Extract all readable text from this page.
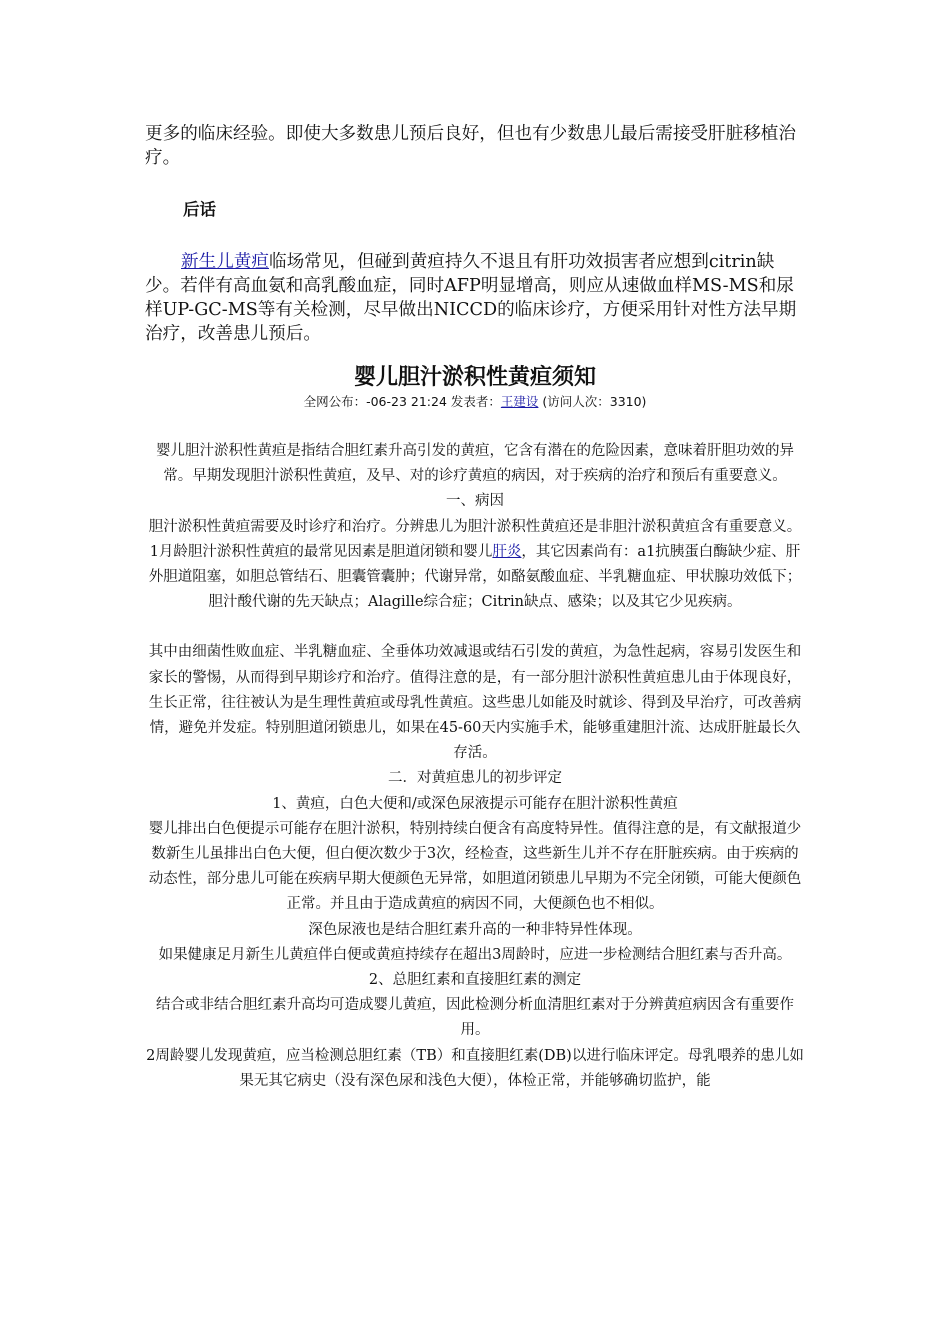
更多的临床经验。即使大多数患儿预后良好，但也有少数患儿最后需接受肝脏移植治疗。

后话

新生儿黄疸临场常见，但碰到黄疸持久不退且有肝功效损害者应想到citrin缺少。若伴有高血氨和高乳酸血症，同时AFP明显增高，则应从速做血样MS-MS和尿样UP-GC-MS等有关检测，尽早做出NICCD的临床诊疗，方便采用针对性方法早期治疗，改善患儿预后。

婴儿胆汁淤积性黄疸须知

全网公布：-06-23 21:24 发表者：王建设 (访问人次：3310)

婴儿胆汁淤积性黄疸是指结合胆红素升高引发的黄疸，它含有潜在的危险因素，意味着肝胆功效的异常。早期发现胆汁淤积性黄疸，及早、对的诊疗黄疸的病因，对于疾病的治疗和预后有重要意义。

一、病因

胆汁淤积性黄疸需要及时诊疗和治疗。分辨患儿为胆汁淤积性黄疸还是非胆汁淤积黄疸含有重要意义。

1月龄胆汁淤积性黄疸的最常见因素是胆道闭锁和婴儿肝炎，其它因素尚有：a1抗胰蛋白酶缺少症、肝外胆道阻塞，如胆总管结石、胆囊管囊肿；代谢异常，如酪氨酸血症、半乳糖血症、甲状腺功效低下；胆汁酸代谢的先天缺点；Alagille综合症；Citrin缺点、感染；以及其它少见疾病。

其中由细菌性败血症、半乳糖血症、全垂体功效减退或结石引发的黄疸，为急性起病，容易引发医生和家长的警惕，从而得到早期诊疗和治疗。值得注意的是，有一部分胆汁淤积性黄疸患儿由于体现良好，生长正常，往往被认为是生理性黄疸或母乳性黄疸。这些患儿如能及时就诊、得到及早治疗，可改善病情，避免并发症。特别胆道闭锁患儿，如果在45-60天内实施手术，能够重建胆汁流、达成肝脏最长久存活。

二．对黄疸患儿的初步评定

1、黄疸，白色大便和/或深色尿液提示可能存在胆汁淤积性黄疸

婴儿排出白色便提示可能存在胆汁淤积，特别持续白便含有高度特异性。值得注意的是，有文献报道少数新生儿虽排出白色大便，但白便次数少于3次，经检查，这些新生儿并不存在肝脏疾病。由于疾病的动态性，部分患儿可能在疾病早期大便颜色无异常，如胆道闭锁患儿早期为不完全闭锁，可能大便颜色正常。并且由于造成黄疸的病因不同，大便颜色也不相似。

深色尿液也是结合胆红素升高的一种非特异性体现。

如果健康足月新生儿黄疸伴白便或黄疸持续存在超出3周龄时，应进一步检测结合胆红素与否升高。

2、总胆红素和直接胆红素的测定

结合或非结合胆红素升高均可造成婴儿黄疸，因此检测分析血清胆红素对于分辨黄疸病因含有重要作用。

2周龄婴儿发现黄疸，应当检测总胆红素（TB）和直接胆红素(DB)以进行临床评定。母乳喂养的患儿如果无其它病史（没有深色尿和浅色大便），体检正常，并能够确切监护，能
